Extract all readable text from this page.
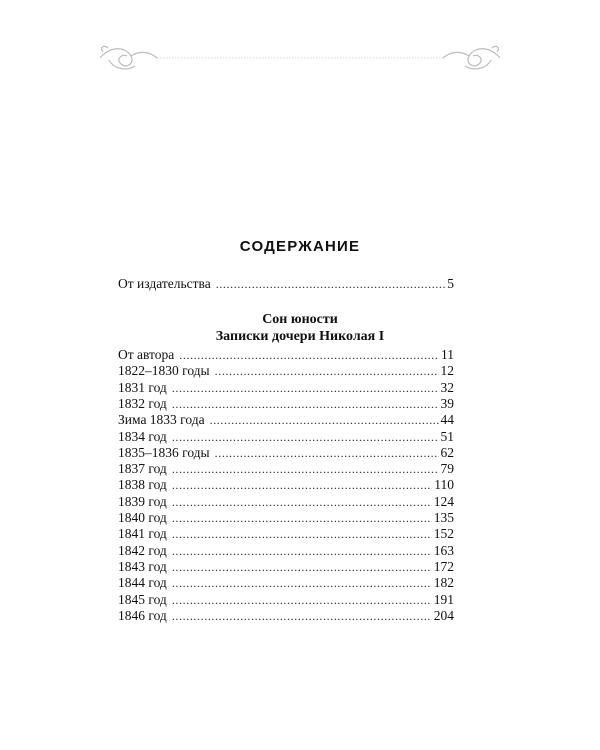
СОДЕРЖАНИЕ
От издательства . . .	5
Сон юности
Записки дочери Николая I
От автора . . .	11
1822–1830 годы . . .	12
1831 год . . .	32
1832 год . . .	39
Зима 1833 года . . .	44
1834 год . . .	51
1835–1836 годы . . .	62
1837 год . . .	79
1838 год . . .	110
1839 год . . .	124
1840 год . . .	135
1841 год . . .	152
1842 год . . .	163
1843 год . . .	172
1844 год . . .	182
1845 год . . .	191
1846 год . . .	204
